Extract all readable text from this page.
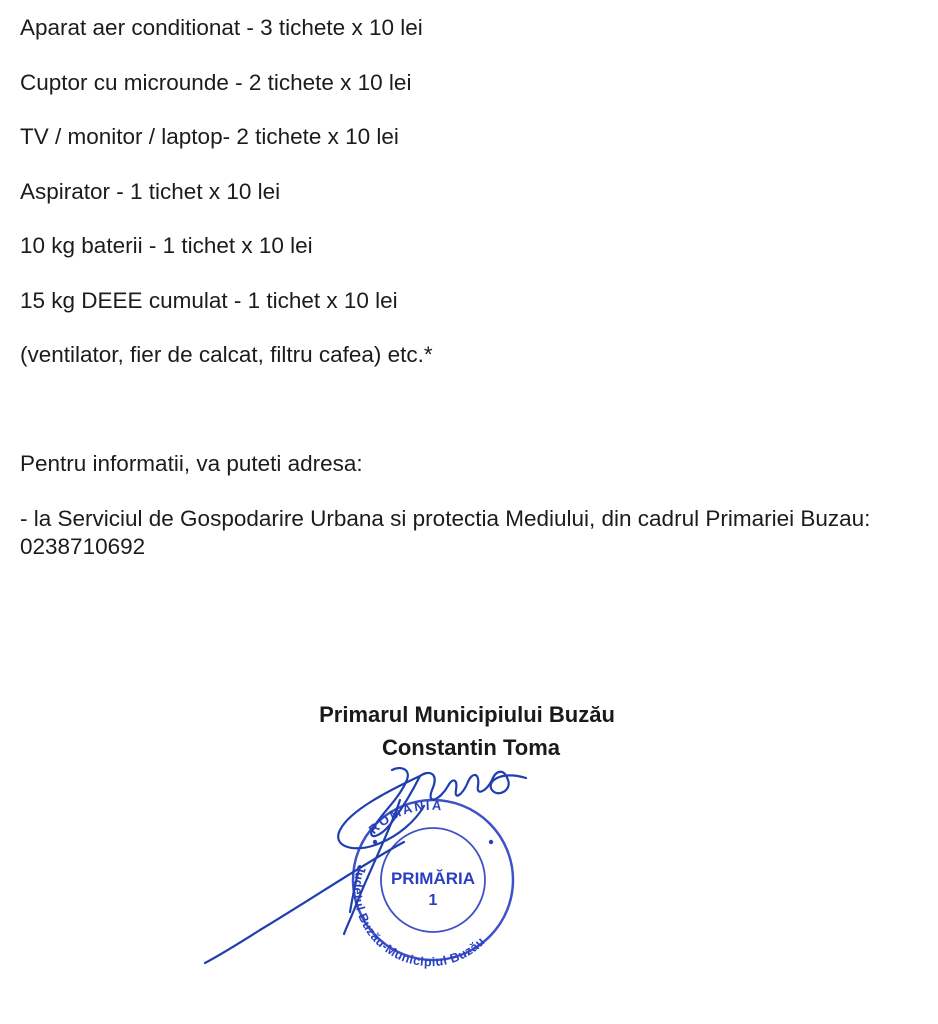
Aparat aer conditionat - 3 tichete x 10 lei
Cuptor cu microunde - 2 tichete x 10 lei
TV / monitor / laptop- 2 tichete x 10 lei
Aspirator - 1 tichet x 10 lei
10 kg baterii - 1 tichet x 10 lei
15 kg DEEE cumulat - 1 tichet x 10 lei
(ventilator, fier de calcat, filtru cafea) etc.*
Pentru informatii, va puteti adresa:
- la Serviciul de Gospodarire Urbana si protectia Mediului, din cadrul Primariei Buzau: 0238710692
Primarul Municipiului Buzău
Constantin Toma
ROMANIA
Judetul Buzău-Municipiul Buzău
PRIMĂRIA
1
